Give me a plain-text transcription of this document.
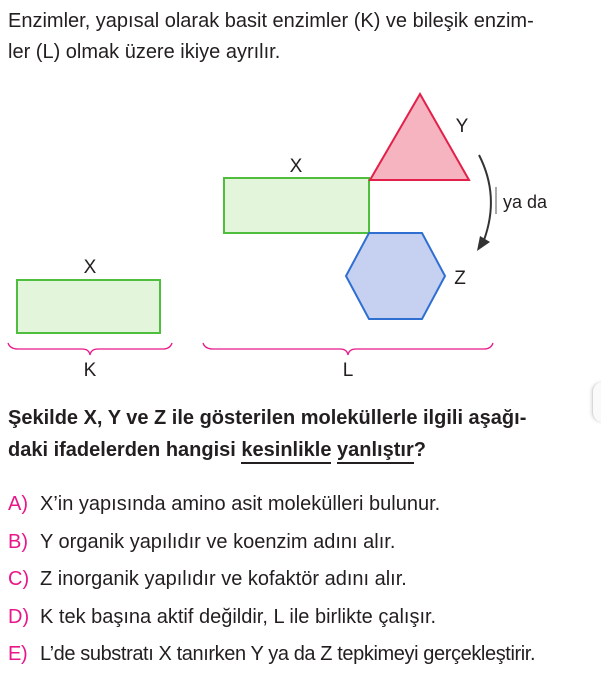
Enzimler, yapısal olarak basit enzimler (K) ve bileşik enzim-
ler (L) olmak üzere ikiye ayrılır.

X
K
X
Y
Z
ya da
L

Şekilde X, Y ve Z ile gösterilen moleküllerle ilgili aşağı-
daki ifadelerden hangisi kesinlikle yanlıştır?

A) X’in yapısında amino asit molekülleri bulunur.
B) Y organik yapılıdır ve koenzim adını alır.
C) Z inorganik yapılıdır ve kofaktör adını alır.
D) K tek başına aktif değildir, L ile birlikte çalışır.
E) L’de substratı X tanırken Y ya da Z tepkimeyi gerçekleştirir.
